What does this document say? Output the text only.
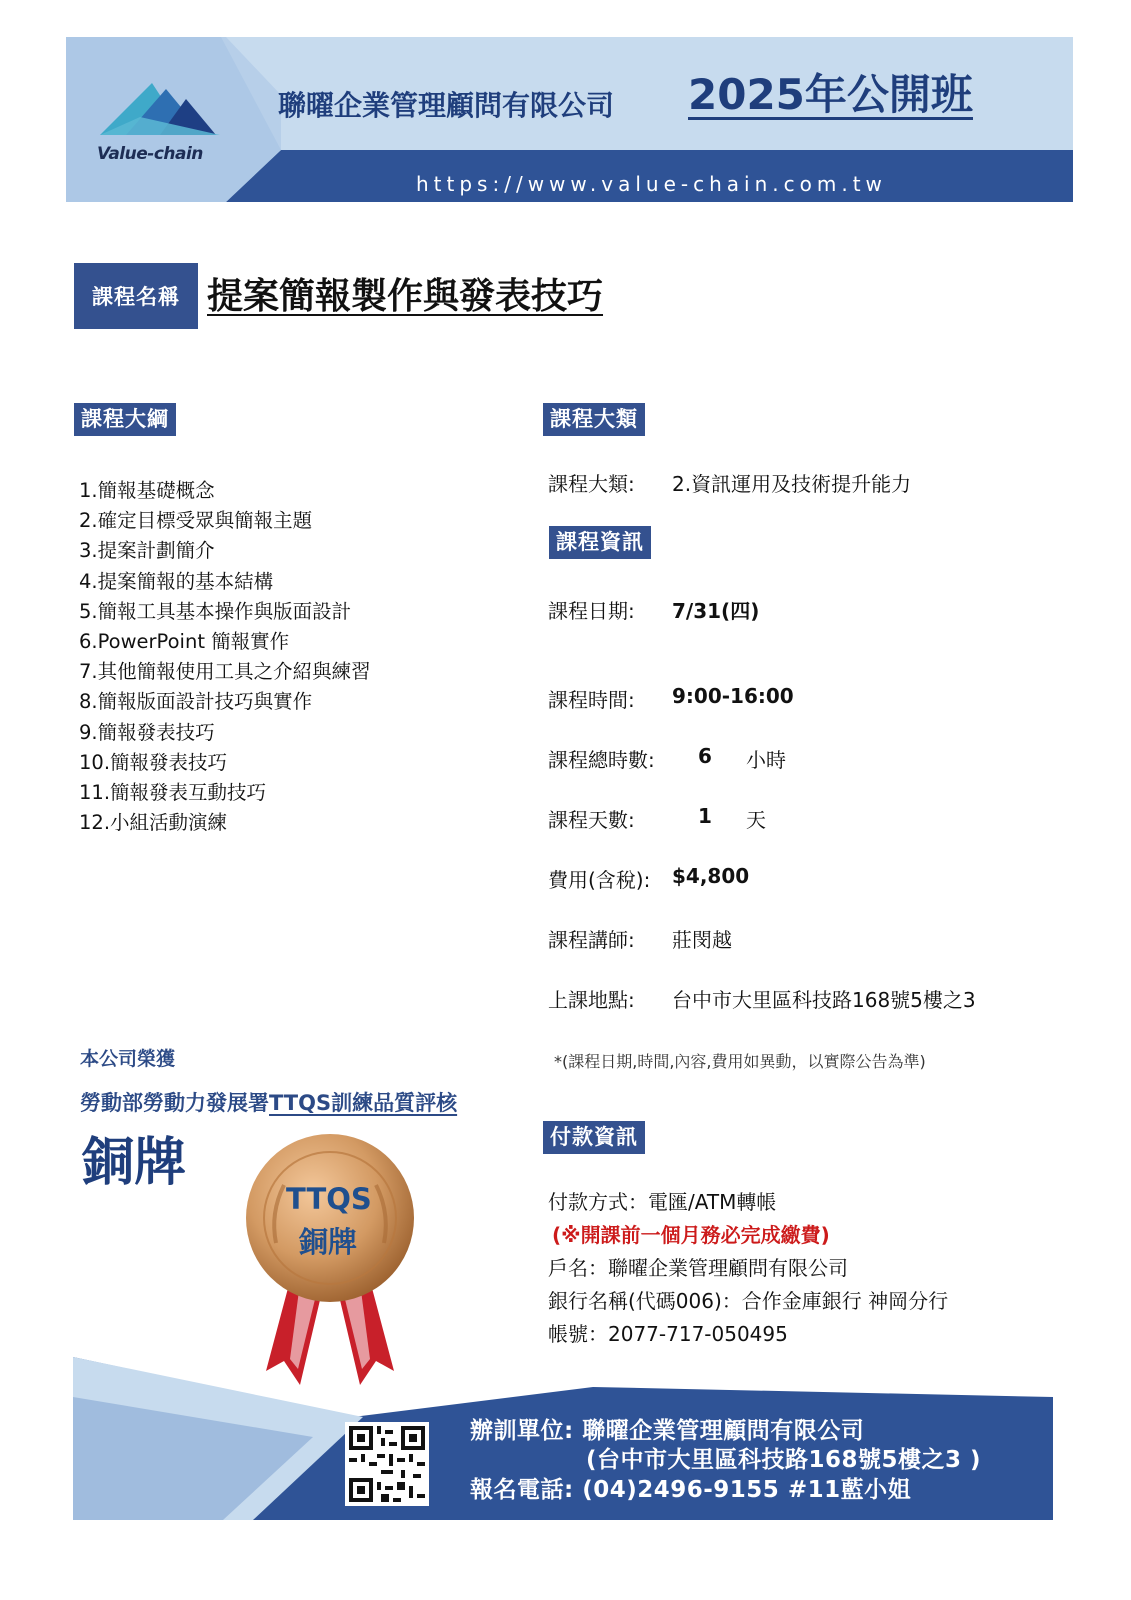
Value-chain
聯曜企業管理顧問有限公司 2025年公開班
https://www.value-chain.com.tw
課程名稱 提案簡報製作與發表技巧
課程大綱
1.簡報基礎概念
2.確定目標受眾與簡報主題
3.提案計劃簡介
4.提案簡報的基本結構
5.簡報工具基本操作與版面設計
6.PowerPoint 簡報實作
7.其他簡報使用工具之介紹與練習
8.簡報版面設計技巧與實作
9.簡報發表技巧
10.簡報發表技巧
11.簡報發表互動技巧
12.小組活動演練
課程大類
課程大類: 2.資訊運用及技術提升能力
課程資訊
課程日期: 7/31(四)
課程時間: 9:00-16:00
課程總時數: 6 小時
課程天數:	1 天
費用(含稅): $4,800
課程講師: 莊閔越
上課地點: 台中市大里區科技路168號5樓之3
*(課程日期,時間,內容,費用如異動，以實際公告為準)
本公司榮獲
勞動部勞動力發展署TTQS訓練品質評核
銅牌
TTQS
銅牌
付款資訊
付款方式：電匯/ATM轉帳
(※開課前一個月務必完成繳費)
戶名：聯曜企業管理顧問有限公司
銀行名稱(代碼006)：合作金庫銀行 神岡分行
帳號：2077-717-050495
辦訓單位: 聯曜企業管理顧問有限公司
(台中市大里區科技路168號5樓之3 )
報名電話: (04)2496-9155 #11藍小姐
